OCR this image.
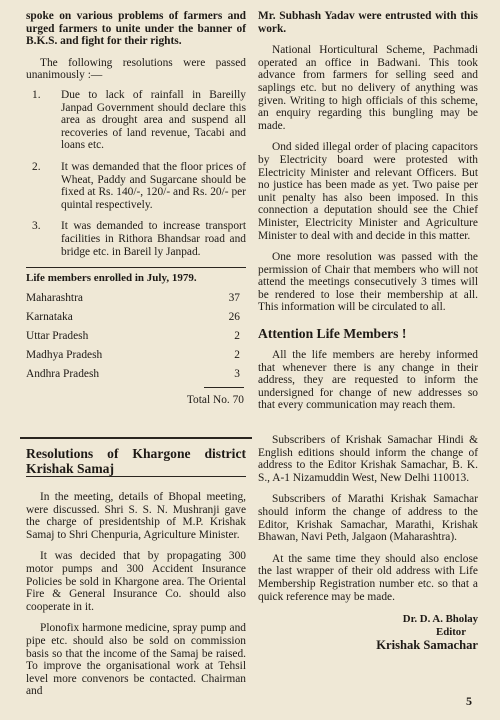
spoke on various problems of farmers and urged farmers to unite under the banner of B.K.S. and fight for their rights.

The following resolutions were passed unanimously :—

1. Due to lack of rainfall in Bareilly Janpad Government should declare this area as drought area and suspend all recoveries of land revenue, Tacabi and loans etc.
2. It was demanded that the floor prices of Wheat, Paddy and Sugarcane should be fixed at Rs. 140/-, 120/- and Rs. 20/- per quintal respectively.
3. It was demanded to increase transport facilities in Rithora Bhandsar road and bridge etc. in Bareil ly Janpad.
Life members enrolled in July, 1979.
Maharashtra	37
Karnataka	26
Uttar Pradesh	2
Madhya Pradesh	2
Andhra Pradesh	3
Total No. 70

Resolutions of Khargone district Krishak Samaj

In the meeting, details of Bhopal meeting, were discussed. Shri S. S. N. Mushranji gave the charge of presidentship of M.P. Krishak Samaj to Shri Chenpuria, Agriculture Minister.

It was decided that by propagating 300 motor pumps and 300 Accident Insurance Policies be sold in Khargone area. The Oriental Fire & General Insurance Co. should also cooperate in it.

Plonofix harmone medicine, spray pump and pipe etc. should also be sold on commission basis so that the income of the Samaj be raised. To improve the organisational work at Tehsil level more convenors be contacted. Chairman and

Mr. Subhash Yadav were entrusted with this work.

National Horticultural Scheme, Pachmadi operated an office in Badwani. This took advance from farmers for selling seed and saplings etc. but no delivery of anything was given. Writing to high officials of this scheme, an enquiry regarding this bungling may be made.

Ond sided illegal order of placing capacitors by Electricity board were protested with Electricity Minister and relevant Officers. But no justice has been made as yet. Two paise per unit penalty has also been imposed. In this connection a deputation should see the Chief Minister, Electricity Minister and Agriculture Minister to deal with and decide in this matter.

One more resolution was passed with the permission of Chair that members who will not attend the meetings consecutively 3 times will be rendered to lose their membership at all. This information will be circulated to all.

Attention Life Members !

All the life members are hereby informed that whenever there is any change in their address, they are requested to inform the undersigned for change of new addresses so that every communication may reach them.

Subscribers of Krishak Samachar Hindi & English editions should inform the change of address to the Editor Krishak Samachar, B. K. S., A-1 Nizamuddin West, New Delhi 110013.

Subscribers of Marathi Krishak Samachar should inform the change of address to the Editor, Krishak Samachar, Marathi, Krishak Bhawan, Navi Peth, Jalgaon (Maharashtra).

At the same time they should also enclose the last wrapper of their old address with Life Membership Registration number etc. so that a quick reference may be made.

Dr. D. A. Bholay
Editor
Krishak Samachar
5
